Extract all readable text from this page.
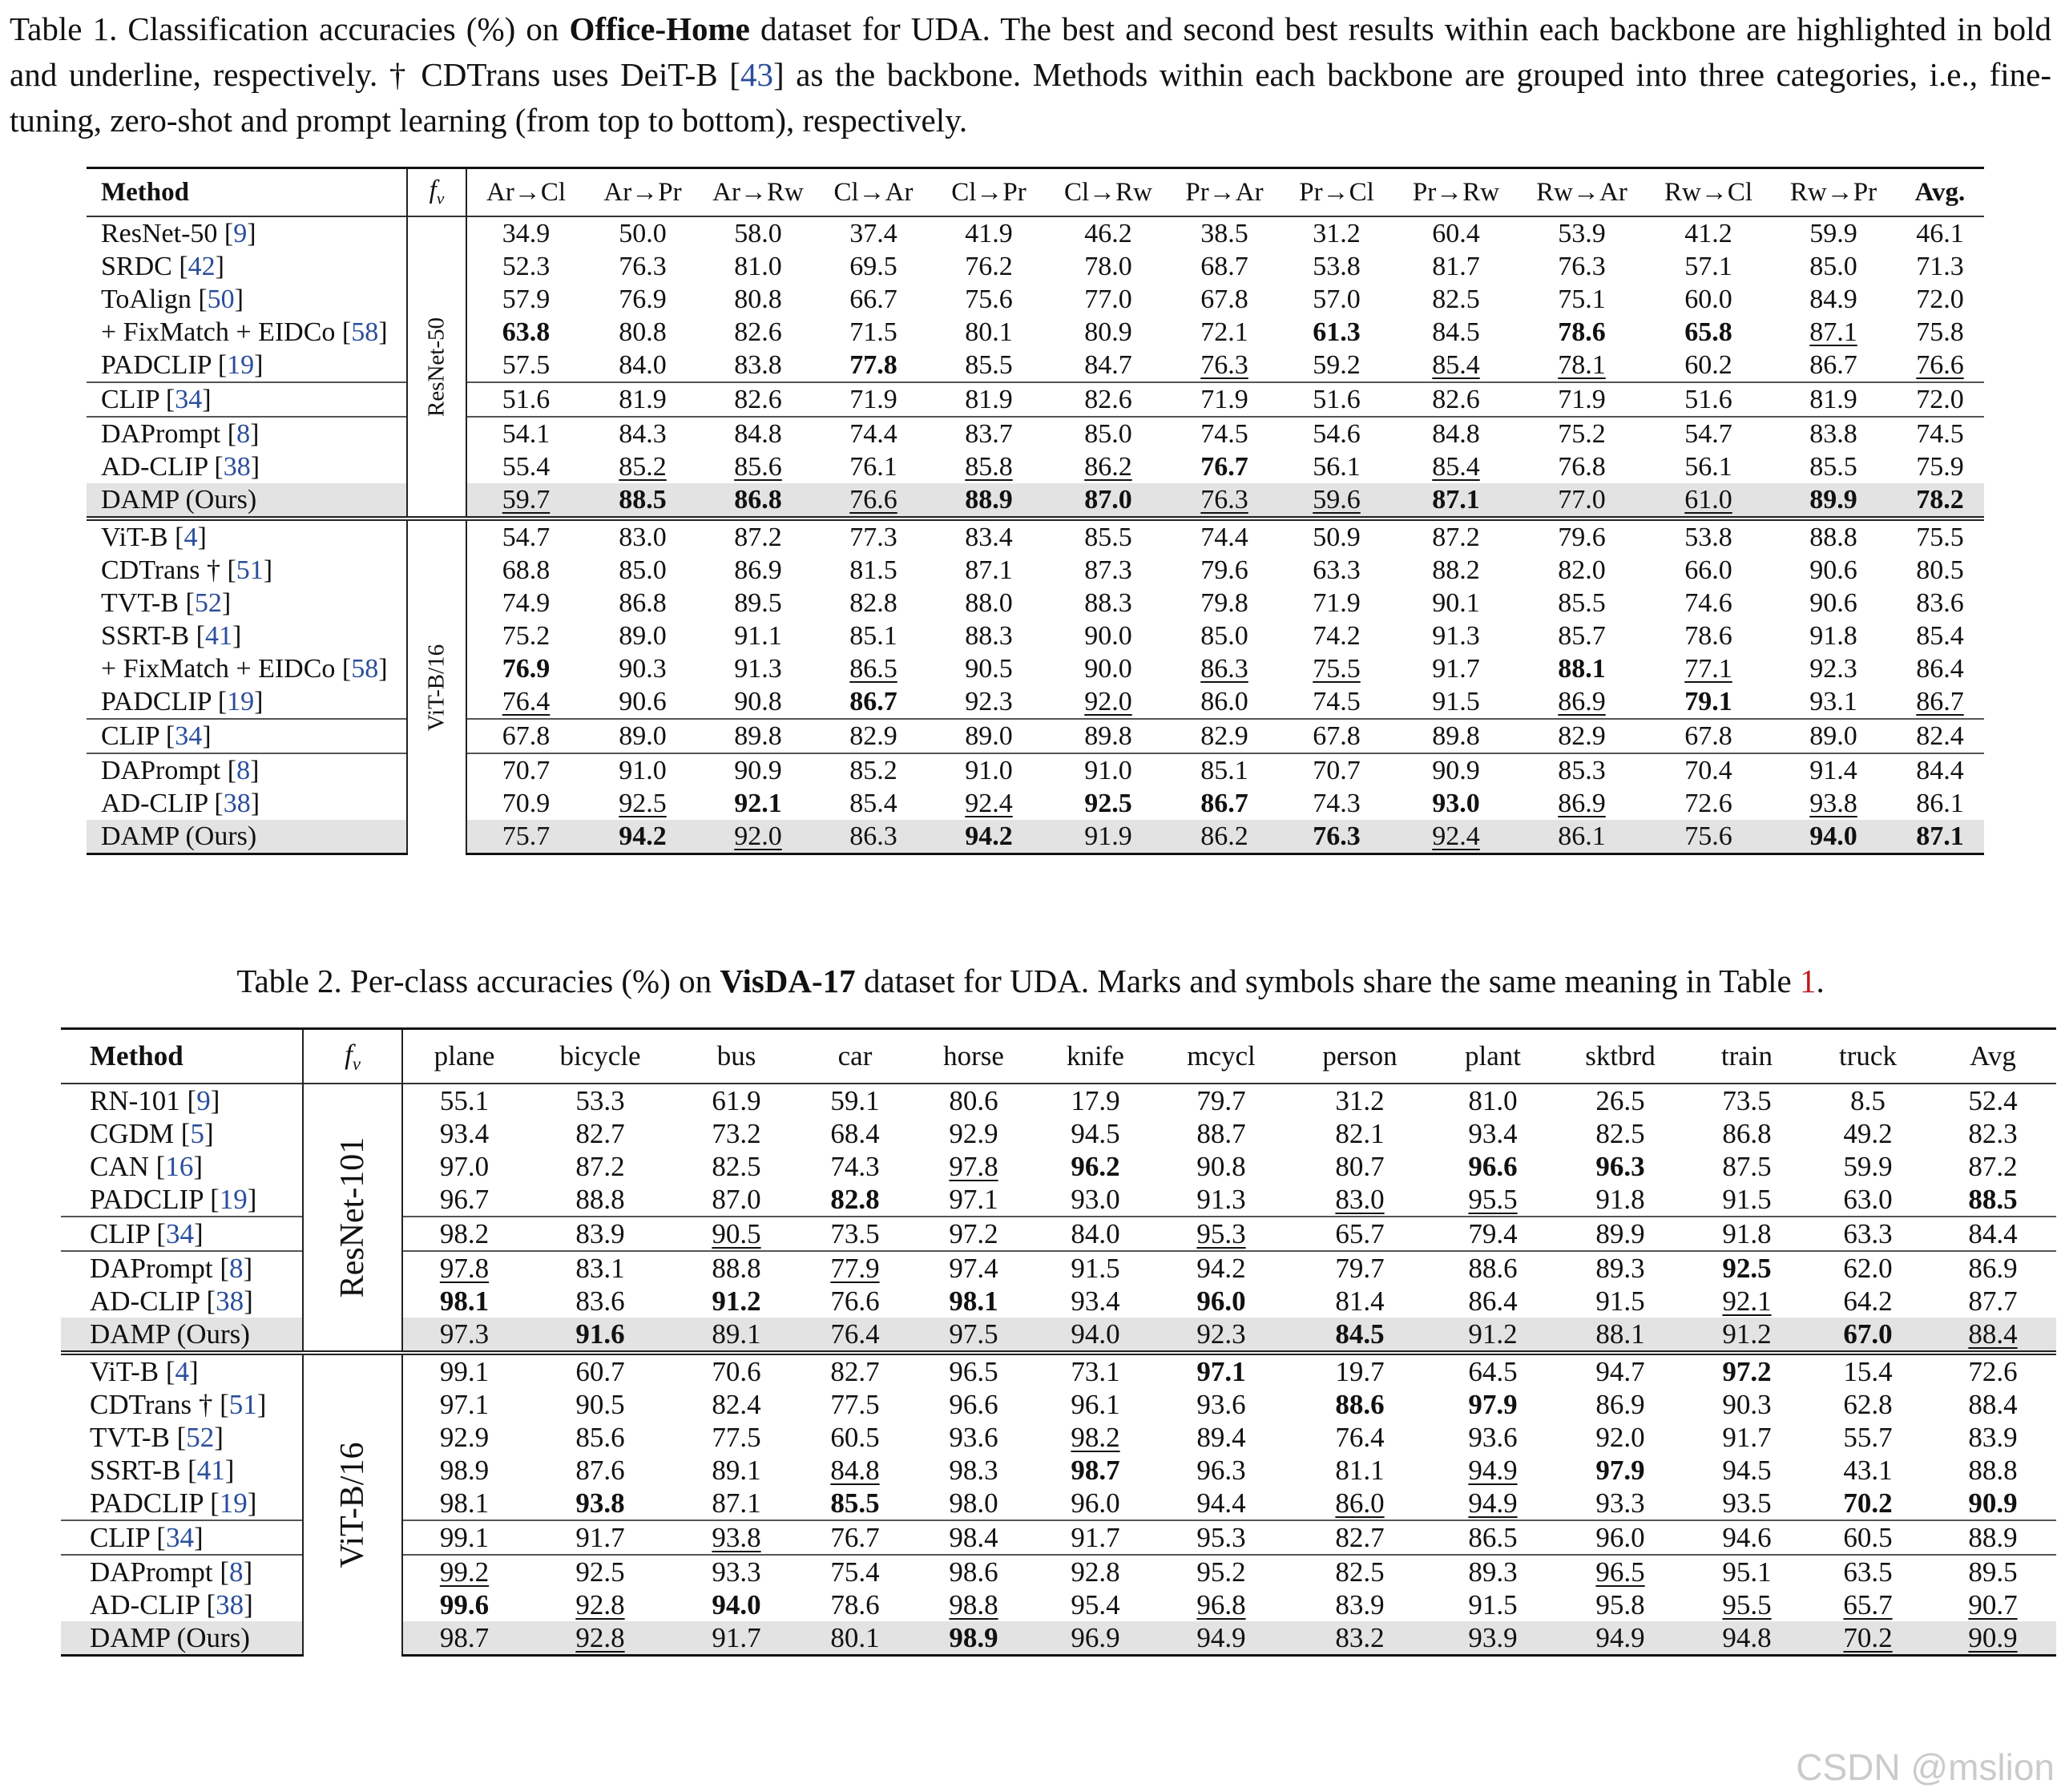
Table 1. Classification accuracies (%) on Office-Home dataset for UDA. The best and second best results within each backbone are highlighted in bold and underline, respectively. † CDTrans uses DeiT-B [43] as the backbone. Methods within each backbone are grouped into three categories, i.e., fine-tuning, zero-shot and prompt learning (from top to bottom), respectively.
Method	$f_v$	Ar→Cl	Ar→Pr	Ar→Rw	Cl→Ar	Cl→Pr	Cl→Rw	Pr→Ar	Pr→Cl	Pr→Rw	Rw→Ar	Rw→Cl	Rw→Pr	Avg.
ResNet-50 [9]	ResNet-50	34.9	50.0	58.0	37.4	41.9	46.2	38.5	31.2	60.4	53.9	41.2	59.9	46.1
SRDC [42]		52.3	76.3	81.0	69.5	76.2	78.0	68.7	53.8	81.7	76.3	57.1	85.0	71.3
ToAlign [50]		57.9	76.9	80.8	66.7	75.6	77.0	67.8	57.0	82.5	75.1	60.0	84.9	72.0
+ FixMatch + EIDCo [58]		63.8	80.8	82.6	71.5	80.1	80.9	72.1	61.3	84.5	78.6	65.8	87.1	75.8
PADCLIP [19]		57.5	84.0	83.8	77.8	85.5	84.7	76.3	59.2	85.4	78.1	60.2	86.7	76.6
CLIP [34]		51.6	81.9	82.6	71.9	81.9	82.6	71.9	51.6	82.6	71.9	51.6	81.9	72.0
DAPrompt [8]		54.1	84.3	84.8	74.4	83.7	85.0	74.5	54.6	84.8	75.2	54.7	83.8	74.5
AD-CLIP [38]		55.4	85.2	85.6	76.1	85.8	86.2	76.7	56.1	85.4	76.8	56.1	85.5	75.9
DAMP (Ours)		59.7	88.5	86.8	76.6	88.9	87.0	76.3	59.6	87.1	77.0	61.0	89.9	78.2
ViT-B [4]	ViT-B/16	54.7	83.0	87.2	77.3	83.4	85.5	74.4	50.9	87.2	79.6	53.8	88.8	75.5
CDTrans † [51]		68.8	85.0	86.9	81.5	87.1	87.3	79.6	63.3	88.2	82.0	66.0	90.6	80.5
TVT-B [52]		74.9	86.8	89.5	82.8	88.0	88.3	79.8	71.9	90.1	85.5	74.6	90.6	83.6
SSRT-B [41]		75.2	89.0	91.1	85.1	88.3	90.0	85.0	74.2	91.3	85.7	78.6	91.8	85.4
+ FixMatch + EIDCo [58]		76.9	90.3	91.3	86.5	90.5	90.0	86.3	75.5	91.7	88.1	77.1	92.3	86.4
PADCLIP [19]		76.4	90.6	90.8	86.7	92.3	92.0	86.0	74.5	91.5	86.9	79.1	93.1	86.7
CLIP [34]		67.8	89.0	89.8	82.9	89.0	89.8	82.9	67.8	89.8	82.9	67.8	89.0	82.4
DAPrompt [8]		70.7	91.0	90.9	85.2	91.0	91.0	85.1	70.7	90.9	85.3	70.4	91.4	84.4
AD-CLIP [38]		70.9	92.5	92.1	85.4	92.4	92.5	86.7	74.3	93.0	86.9	72.6	93.8	86.1
DAMP (Ours)		75.7	94.2	92.0	86.3	94.2	91.9	86.2	76.3	92.4	86.1	75.6	94.0	87.1
Table 2. Per-class accuracies (%) on VisDA-17 dataset for UDA. Marks and symbols share the same meaning in Table 1.
Method	$f_v$	plane	bicycle	bus	car	horse	knife	mcycl	person	plant	sktbrd	train	truck	Avg
RN-101 [9]	ResNet-101	55.1	53.3	61.9	59.1	80.6	17.9	79.7	31.2	81.0	26.5	73.5	8.5	52.4
CGDM [5]		93.4	82.7	73.2	68.4	92.9	94.5	88.7	82.1	93.4	82.5	86.8	49.2	82.3
CAN [16]		97.0	87.2	82.5	74.3	97.8	96.2	90.8	80.7	96.6	96.3	87.5	59.9	87.2
PADCLIP [19]		96.7	88.8	87.0	82.8	97.1	93.0	91.3	83.0	95.5	91.8	91.5	63.0	88.5
CLIP [34]		98.2	83.9	90.5	73.5	97.2	84.0	95.3	65.7	79.4	89.9	91.8	63.3	84.4
DAPrompt [8]		97.8	83.1	88.8	77.9	97.4	91.5	94.2	79.7	88.6	89.3	92.5	62.0	86.9
AD-CLIP [38]		98.1	83.6	91.2	76.6	98.1	93.4	96.0	81.4	86.4	91.5	92.1	64.2	87.7
DAMP (Ours)		97.3	91.6	89.1	76.4	97.5	94.0	92.3	84.5	91.2	88.1	91.2	67.0	88.4
ViT-B [4]	ViT-B/16	99.1	60.7	70.6	82.7	96.5	73.1	97.1	19.7	64.5	94.7	97.2	15.4	72.6
CDTrans † [51]		97.1	90.5	82.4	77.5	96.6	96.1	93.6	88.6	97.9	86.9	90.3	62.8	88.4
TVT-B [52]		92.9	85.6	77.5	60.5	93.6	98.2	89.4	76.4	93.6	92.0	91.7	55.7	83.9
SSRT-B [41]		98.9	87.6	89.1	84.8	98.3	98.7	96.3	81.1	94.9	97.9	94.5	43.1	88.8
PADCLIP [19]		98.1	93.8	87.1	85.5	98.0	96.0	94.4	86.0	94.9	93.3	93.5	70.2	90.9
CLIP [34]		99.1	91.7	93.8	76.7	98.4	91.7	95.3	82.7	86.5	96.0	94.6	60.5	88.9
DAPrompt [8]		99.2	92.5	93.3	75.4	98.6	92.8	95.2	82.5	89.3	96.5	95.1	63.5	89.5
AD-CLIP [38]		99.6	92.8	94.0	78.6	98.8	95.4	96.8	83.9	91.5	95.8	95.5	65.7	90.7
DAMP (Ours)		98.7	92.8	91.7	80.1	98.9	96.9	94.9	83.2	93.9	94.9	94.8	70.2	90.9
CSDN @mslion
